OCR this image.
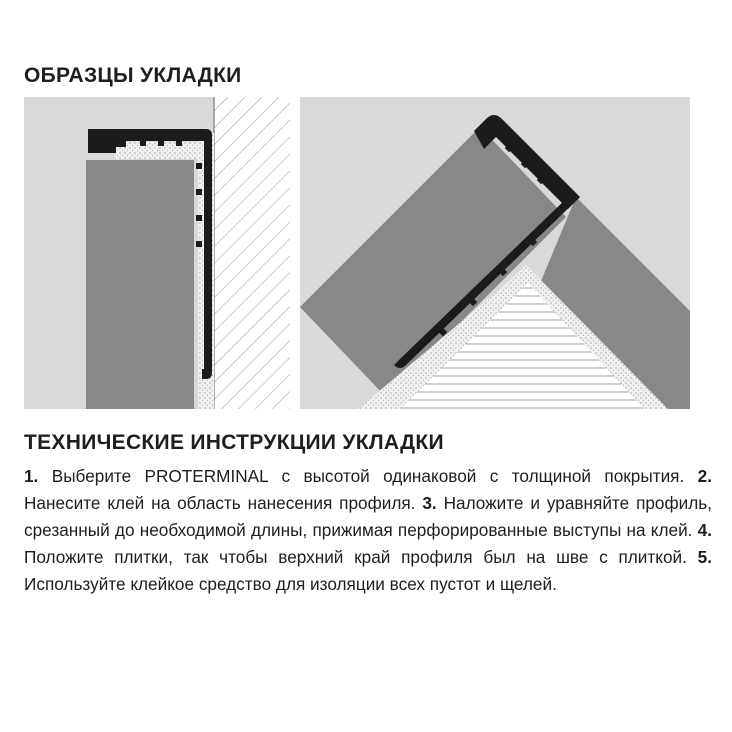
ОБРАЗЦЫ УКЛАДКИ
ТЕХНИЧЕСКИЕ ИНСТРУКЦИИ УКЛАДКИ

1. Выберите PROTERMINAL с высотой одинаковой с толщиной покрытия. 2. Нанесите клей на область нанесения профиля. 3. Наложите и уравняйте профиль, срезанный до необходимой длины, прижимая перфорированные выступы на клей. 4. Положите плитки, так чтобы верхний край профиля был на шве с плиткой. 5. Используйте клейкое средство для изоляции всех пустот и щелей.
